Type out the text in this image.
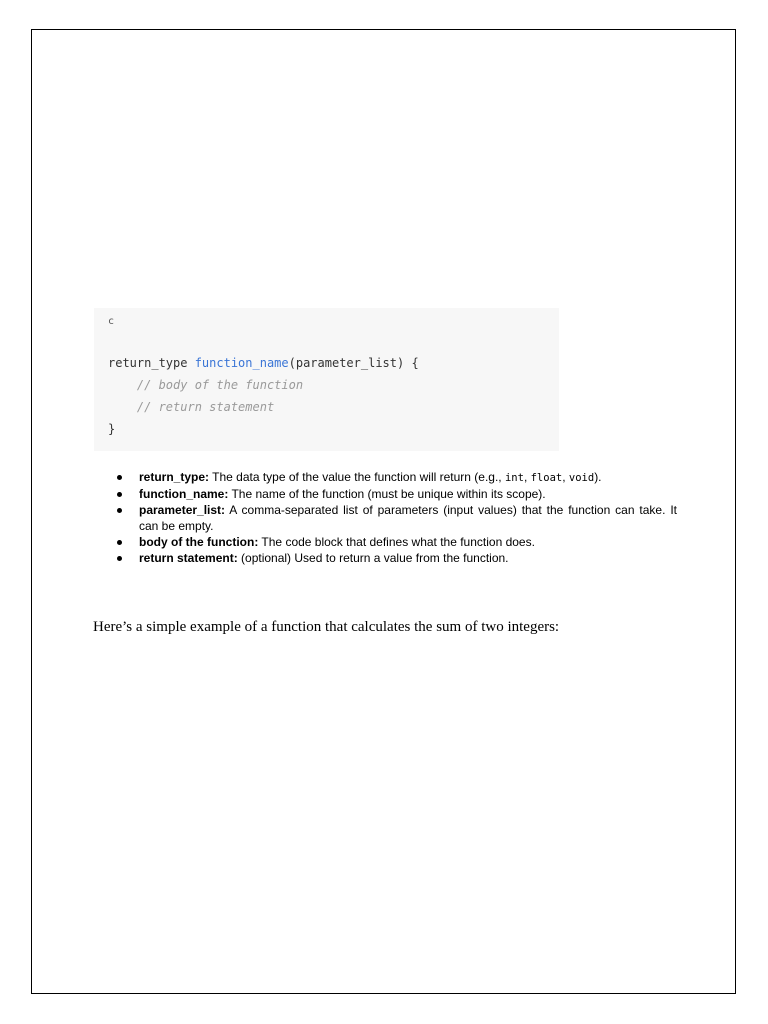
c
return_type function_name(parameter_list) {
// body of the function
// return statement
}
return_type: The data type of the value the function will return (e.g., int, float, void).
function_name: The name of the function (must be unique within its scope).
parameter_list: A comma-separated list of parameters (input values) that the function can take. It can be empty.
body of the function: The code block that defines what the function does.
return statement: (optional) Used to return a value from the function.
Here’s a simple example of a function that calculates the sum of two integers:
